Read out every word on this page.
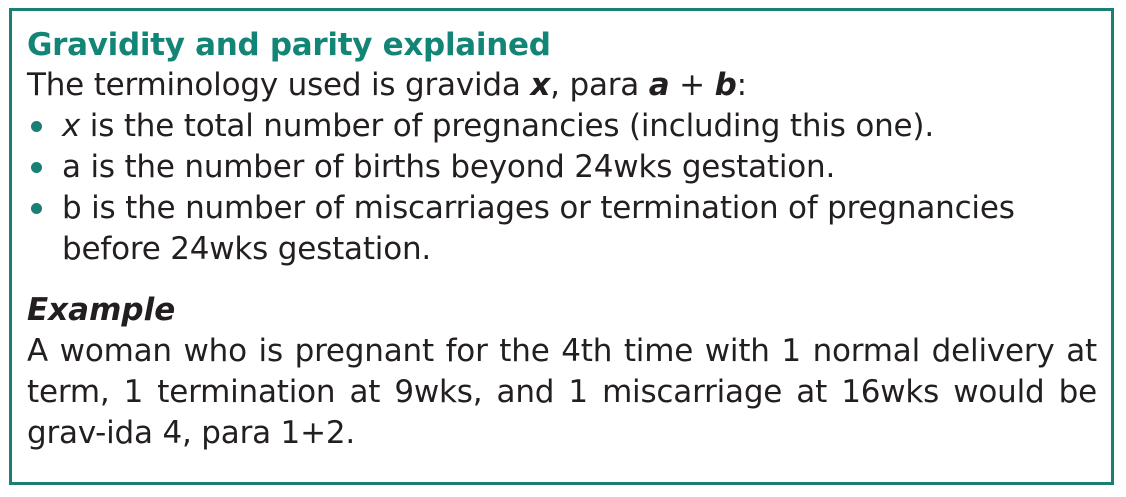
Gravidity and parity explained

The terminology used is gravida x, para a + b:

x is the total number of pregnancies (including this one).
a is the number of births beyond 24wks gestation.
b is the number of miscarriages or termination of pregnancies before 24wks gestation.
Example

A woman who is pregnant for the 4th time with 1 normal delivery at term, 1 termination at 9wks, and 1 miscarriage at 16wks would be grav-ida 4, para 1+2.
